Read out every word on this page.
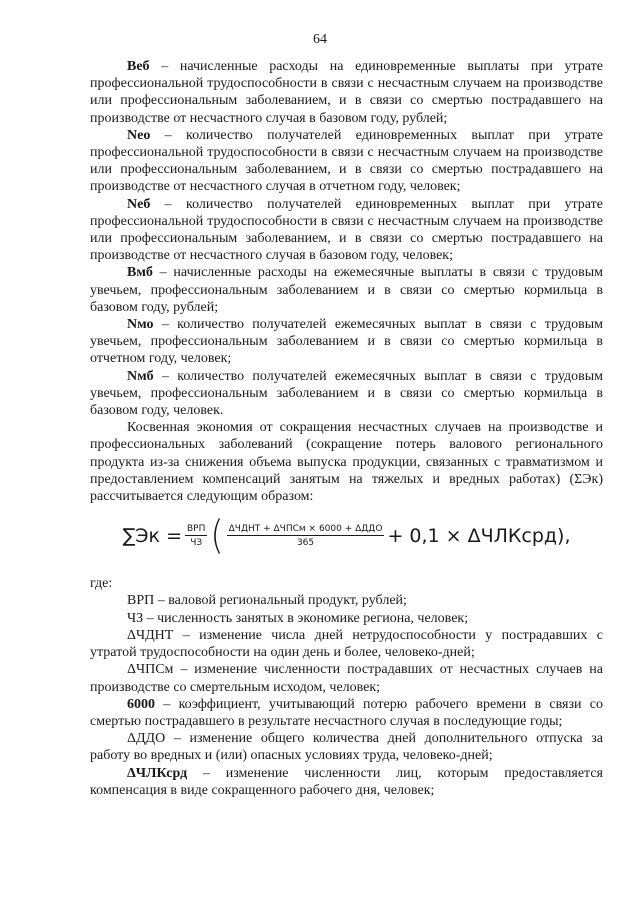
64

Вeб – начисленные расходы на единовременные выплаты при утрате профессиональной трудоспособности в связи с несчастным случаем на производстве или профессиональным заболеванием, и в связи со смертью пострадавшего на производстве от несчастного случая в базовом году, рублей;

Neо – количество получателей единовременных выплат при утрате профессиональной трудоспособности в связи с несчастным случаем на производстве или профессиональным заболеванием, и в связи со смертью пострадавшего на производстве от несчастного случая в отчетном году, человек;

Neб – количество получателей единовременных выплат при утрате профессиональной трудоспособности в связи с несчастным случаем на производстве или профессиональным заболеванием, и в связи со смертью пострадавшего на производстве от несчастного случая в базовом году, человек;

Вмб – начисленные расходы на ежемесячные выплаты в связи с трудовым увечьем, профессиональным заболеванием и в связи со смертью кормильца в базовом году, рублей;

Nмо – количество получателей ежемесячных выплат в связи с трудовым увечьем, профессиональным заболеванием и в связи со смертью кормильца в отчетном году, человек;

Nмб – количество получателей ежемесячных выплат в связи с трудовым увечьем, профессиональным заболеванием и в связи со смертью кормильца в базовом году, человек.

Косвенная экономия от сокращения несчастных случаев на производстве и профессиональных заболеваний (сокращение потерь валового регионального продукта из-за снижения объема выпуска продукции, связанных с травматизмом и предоставлением компенсаций занятым на тяжелых и вредных работах) (ΣЭк) рассчитывается следующим образом:

$\sum Эк = \frac{\text{ВРП}}{ЧЗ}$ ( $\frac{\text{ΔЧДНТ + ΔЧПСм × 6000 + ΔДДО}}{365} + 0,1$ × ΔЧЛКсрд),

где:

ВРП – валовой региональный продукт, рублей;

ЧЗ – численность занятых в экономике региона, человек;

ΔЧДНТ – изменение числа дней нетрудоспособности у пострадавших с утратой трудоспособности на один день и более, человеко-дней;

ΔЧПСм – изменение численности пострадавших от несчастных случаев на производстве со смертельным исходом, человек;

6000 – коэффициент, учитывающий потерю рабочего времени в связи со смертью пострадавшего в результате несчастного случая в последующие годы;

ΔДДО – изменение общего количества дней дополнительного отпуска за работу во вредных и (или) опасных условиях труда, человеко-дней;

ΔЧЛКсрд – изменение численности лиц, которым предоставляется компенсация в виде сокращенного рабочего дня, человек;
